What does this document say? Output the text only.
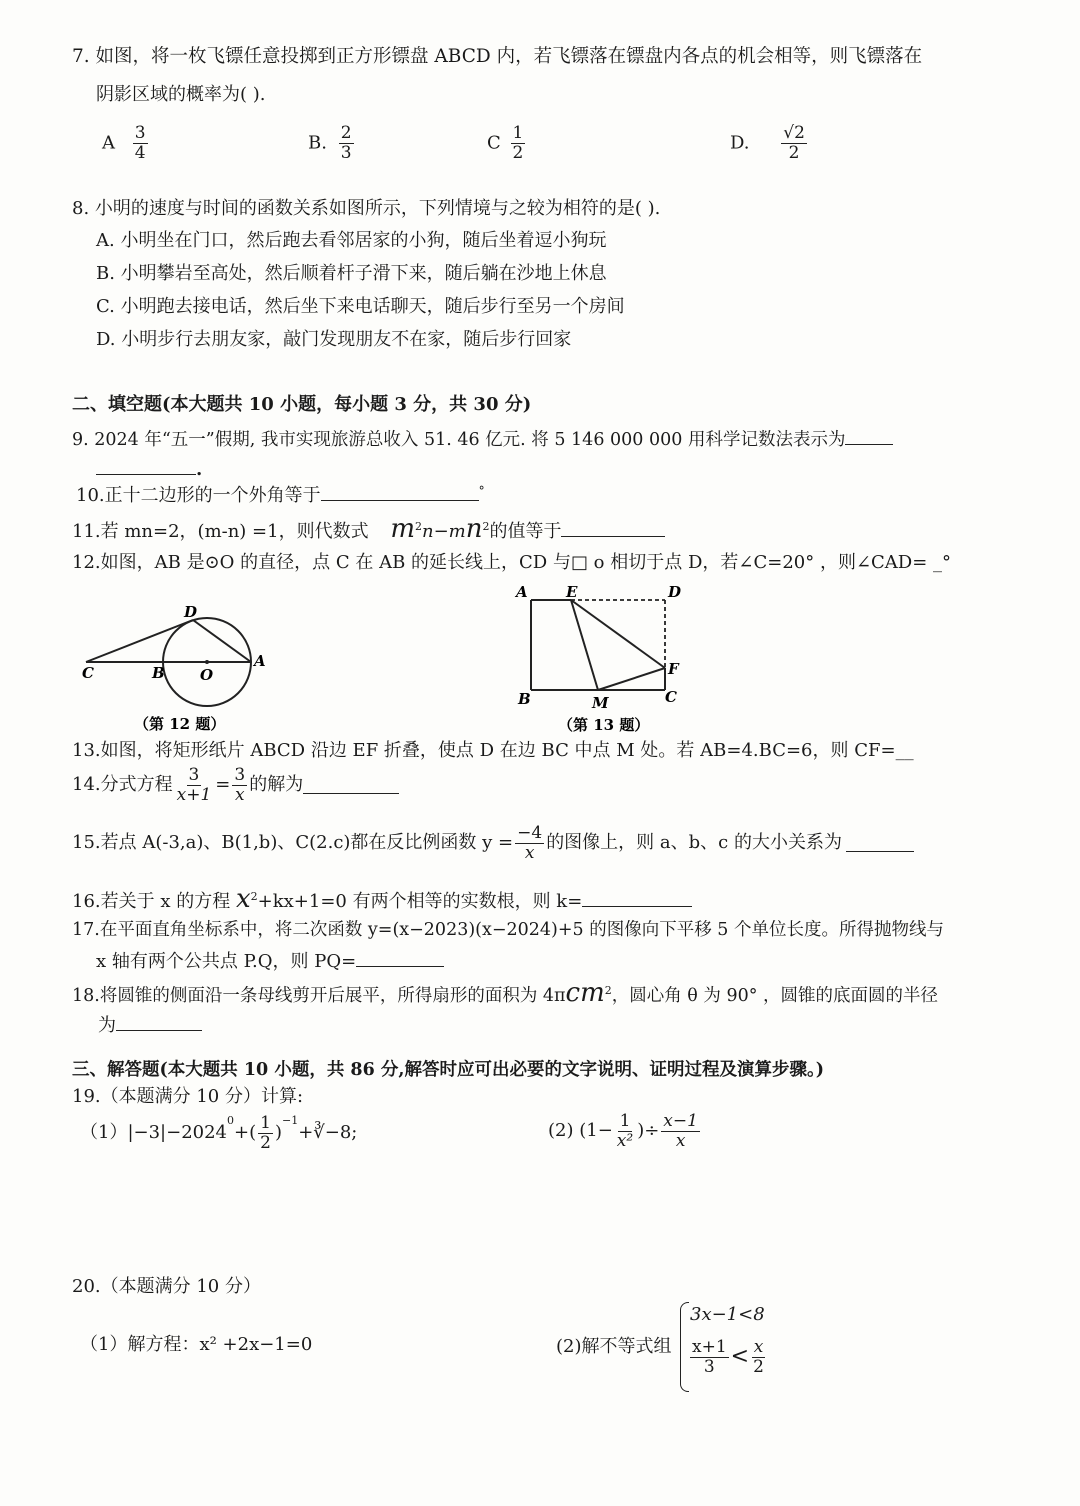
7. 如图，将一枚飞镖任意投掷到正方形镖盘 ABCD 内，若飞镖落在镖盘内各点的机会相等，则飞镖落在
阴影区域的概率为( ).
A $\frac{3}{4}$	B. $\frac{2}{3}$	C $\frac{1}{2}$	D. $\frac{√2}{2}$
8. 小明的速度与时间的函数关系如图所示，下列情境与之较为相符的是( ).
A. 小明坐在门口，然后跑去看邻居家的小狗，随后坐着逗小狗玩
B. 小明攀岩至高处，然后顺着杆子滑下来，随后躺在沙地上休息
C. 小明跑去接电话，然后坐下来电话聊天，随后步行至另一个房间
D. 小明步行去朋友家，敲门发现朋友不在家，随后步行回家
二、填空题(本大题共 10 小题，每小题 3 分，共 30 分)
9. 2024 年“五一”假期, 我市实现旅游总收入 51. 46 亿元. 将 5 146 000 000 用科学记数法表示为
.
10.正十二边形的一个外角等于	°
11.若 mn=2，(m-n) =1，则代数式 $m^2n-mn^2$的值等于
12.如图，AB 是⊙O 的直径，点 C 在 AB 的延长线上，CD 与□ o 相切于点 D，若∠C=20° ，则∠CAD= _°
C	B O
A
D
（第 12 题）
A	E	D
F
B	M	C
（第 13 题）
13.如图，将矩形纸片 ABCD 沿边 EF 折叠，使点 D 在边 BC 中点 M 处。若 AB=4.BC=6，则 CF=__
14.分式方程 $\frac{3}{x+1} = \frac{3}{x}$ 的解为
15.若点 A(-3,a)、B(1,b)、C(2.c)都在反比例函数 $y = \frac{-4}{x}$ 的图像上，则 a、b、c 的大小关系为
16.若关于 x 的方程 $x^2+kx+1=0$ 有两个相等的实数根，则 k=
17.在平面直角坐标系中，将二次函数 y=(x−2023)(x−2024)+5 的图像向下平移 5 个单位长度。所得抛物线与
x 轴有两个公共点 P.Q，则 PQ=
18.将圆锥的侧面沿一条母线剪开后展平，所得扇形的面积为 4πcm$^2$，圆心角 θ 为 90° ，圆锥的底面圆的半径
为
三、解答题(本大题共 10 小题，共 86 分,解答时应可出必要的文字说明、证明过程及演算步骤。)
19.（本题满分 10 分）计算:
（1）|−3|−2024
$^0$
+( $\frac{1}{2}$ )
$^{-1}$
+∛−8;	(2) ($1- \frac{1}{\text{x²}}$ )÷ $\frac{x-1}{x}$
20.（本题满分 10 分）
（1）解方程：x² +2x−1=0	(2)解不等式组
3x−1<8
$\frac{x+1}{3} < \frac{x}{2}$
